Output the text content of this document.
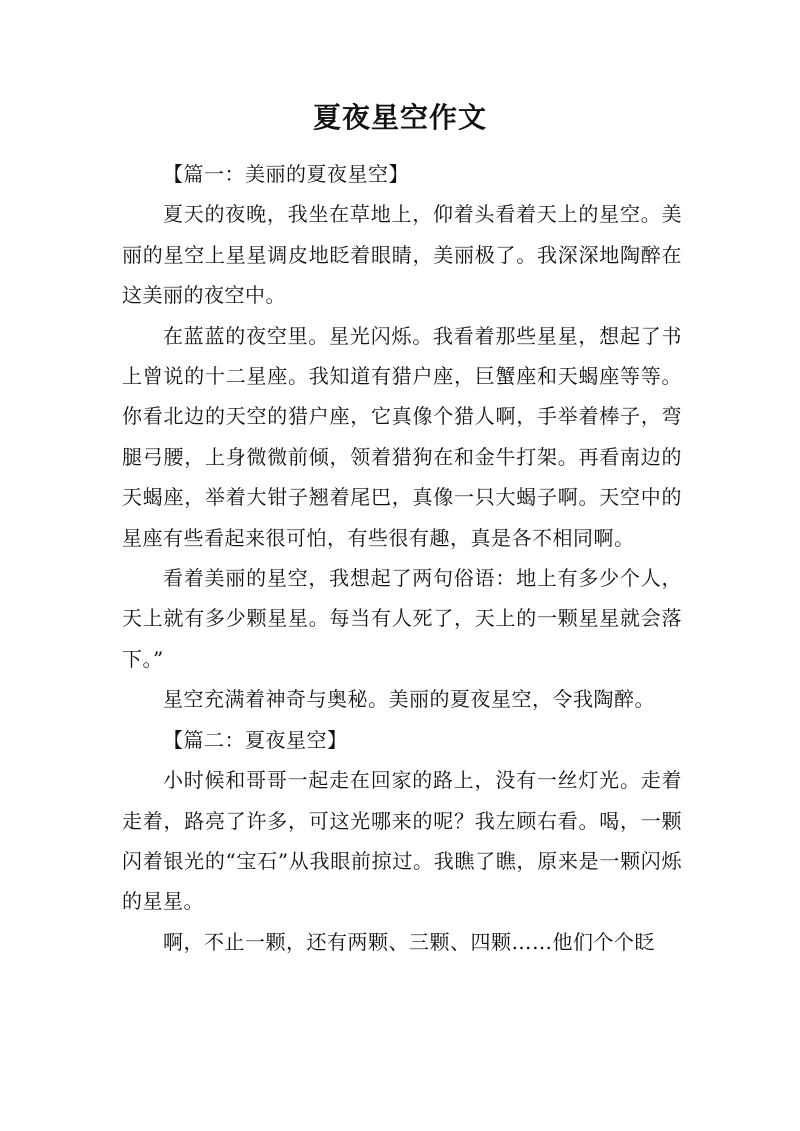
夏夜星空作文
【篇一：美丽的夏夜星空】

夏天的夜晚，我坐在草地上，仰着头看着天上的星空。美丽的星空上星星调皮地眨着眼睛，美丽极了。我深深地陶醉在这美丽的夜空中。

在蓝蓝的夜空里。星光闪烁。我看着那些星星，想起了书上曾说的十二星座。我知道有猎户座，巨蟹座和天蝎座等等。你看北边的天空的猎户座，它真像个猎人啊，手举着棒子，弯腿弓腰，上身微微前倾，领着猎狗在和金牛打架。再看南边的天蝎座，举着大钳子翘着尾巴，真像一只大蝎子啊。天空中的星座有些看起来很可怕，有些很有趣，真是各不相同啊。

看着美丽的星空，我想起了两句俗语：地上有多少个人，天上就有多少颗星星。每当有人死了，天上的一颗星星就会落下。”

星空充满着神奇与奥秘。美丽的夏夜星空，令我陶醉。

【篇二：夏夜星空】

小时候和哥哥一起走在回家的路上，没有一丝灯光。走着走着，路亮了许多，可这光哪来的呢？我左顾右看。喝，一颗闪着银光的“宝石”从我眼前掠过。我瞧了瞧，原来是一颗闪烁的星星。

啊，不止一颗，还有两颗、三颗、四颗……他们个个眨
